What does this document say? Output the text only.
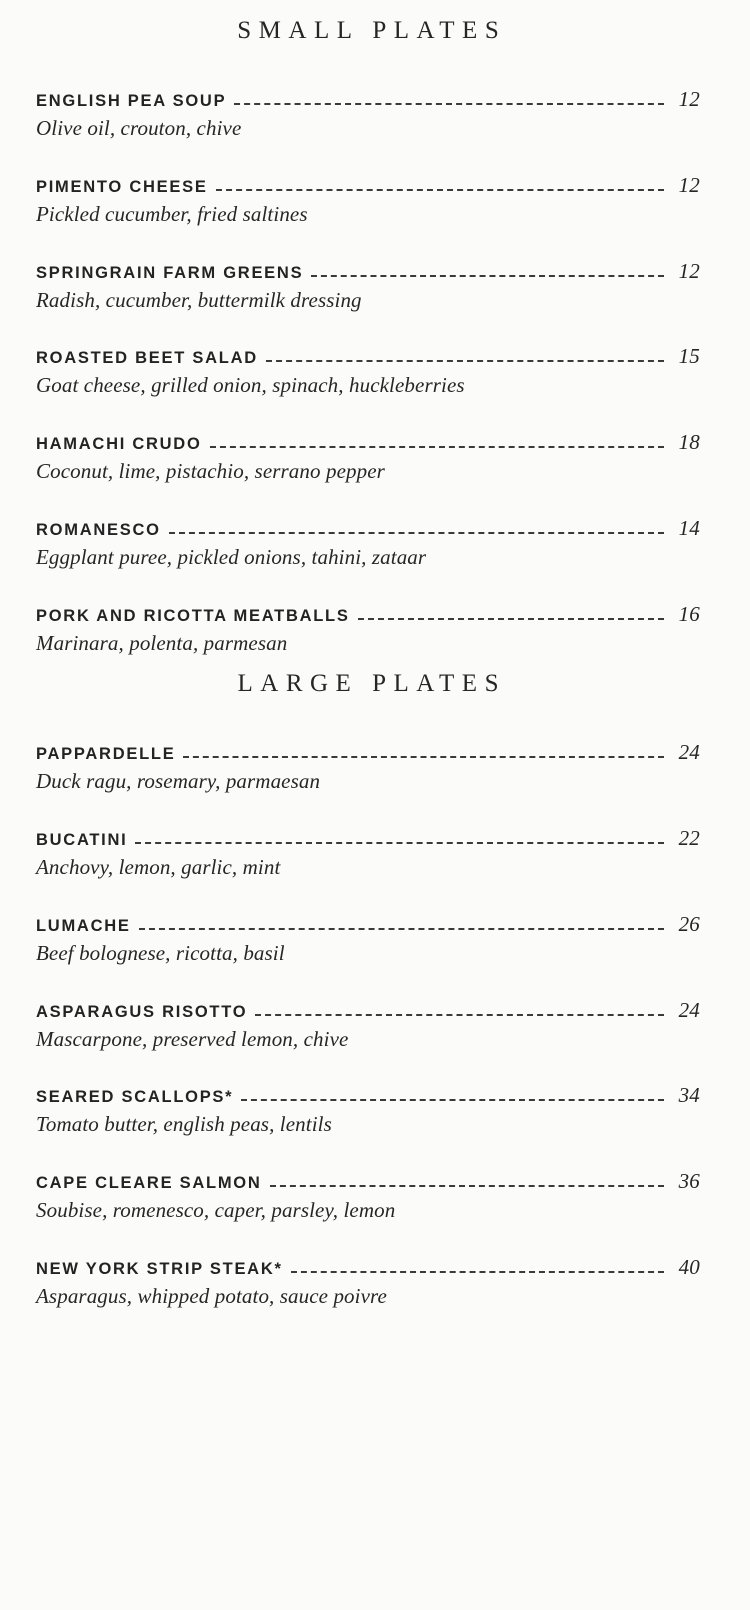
SMALL PLATES
ENGLISH PEA SOUP	12
Olive oil, crouton, chive
PIMENTO CHEESE	12
Pickled cucumber, fried saltines
SPRINGRAIN FARM GREENS	12
Radish, cucumber, buttermilk dressing
ROASTED BEET SALAD	15
Goat cheese, grilled onion, spinach, huckleberries
HAMACHI CRUDO	18
Coconut, lime, pistachio, serrano pepper
ROMANESCO	14
Eggplant puree, pickled onions, tahini, zataar
PORK AND RICOTTA MEATBALLS	16
Marinara, polenta, parmesan
LARGE PLATES
PAPPARDELLE	24
Duck ragu, rosemary, parmaesan
BUCATINI	22
Anchovy, lemon, garlic, mint
LUMACHE	26
Beef bolognese, ricotta, basil
ASPARAGUS RISOTTO	24
Mascarpone, preserved lemon, chive
SEARED SCALLOPS*	34
Tomato butter, english peas, lentils
CAPE CLEARE SALMON	36
Soubise, romenesco, caper, parsley, lemon
NEW YORK STRIP STEAK*	40
Asparagus, whipped potato, sauce poivre
